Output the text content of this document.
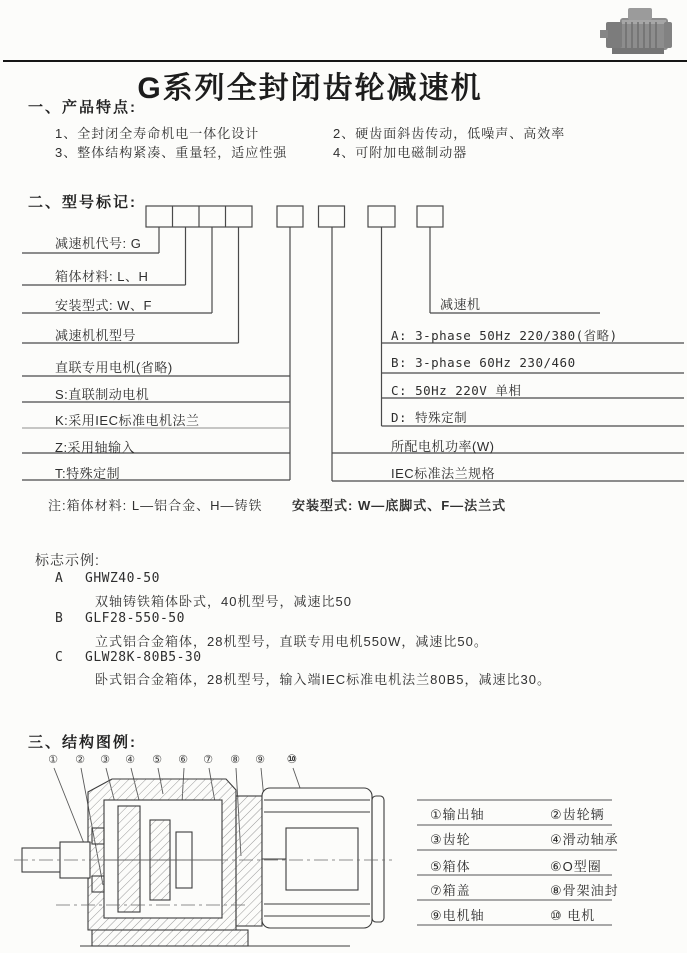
G系列全封闭齿轮减速机
一、产品特点:
1、全封闭全寿命机电一体化设计	2、硬齿面斜齿传动，低噪声、高效率
3、整体结构紧凑、重量轻，适应性强	4、可附加电磁制动器
二、型号标记:
减速机代号: G
箱体材料: L、H
安装型式: W、F
减速机机型号
直联专用电机(省略)
S:直联制动电机
K:采用IEC标准电机法兰
Z:采用轴输入
T:特殊定制
减速机
A: 3-phase 50Hz 220/380(省略)
B: 3-phase 60Hz 230/460
C: 50Hz 220V 单相
D: 特殊定制
所配电机功率(W)
IEC标准法兰规格
注:箱体材料: L—铝合金、H—铸铁 安装型式: W—底脚式、F—法兰式
标志示例:
A GHWZ40-50
双轴铸铁箱体卧式，40机型号，减速比50
B GLF28-550-50
立式铝合金箱体，28机型号，直联专用电机550W，减速比50。
C GLW28K-80B5-30
卧式铝合金箱体，28机型号，输入端IEC标准电机法兰80B5，减速比30。
三、结构图例:
① ② ③ ④ ⑤ ⑥ ⑦ ⑧ ⑨ ⑩
①输出轴	②齿轮辆
③齿轮	④滑动轴承
⑤箱体	⑥O型圈
⑦箱盖	⑧骨架油封
⑨电机轴	⑩ 电机
